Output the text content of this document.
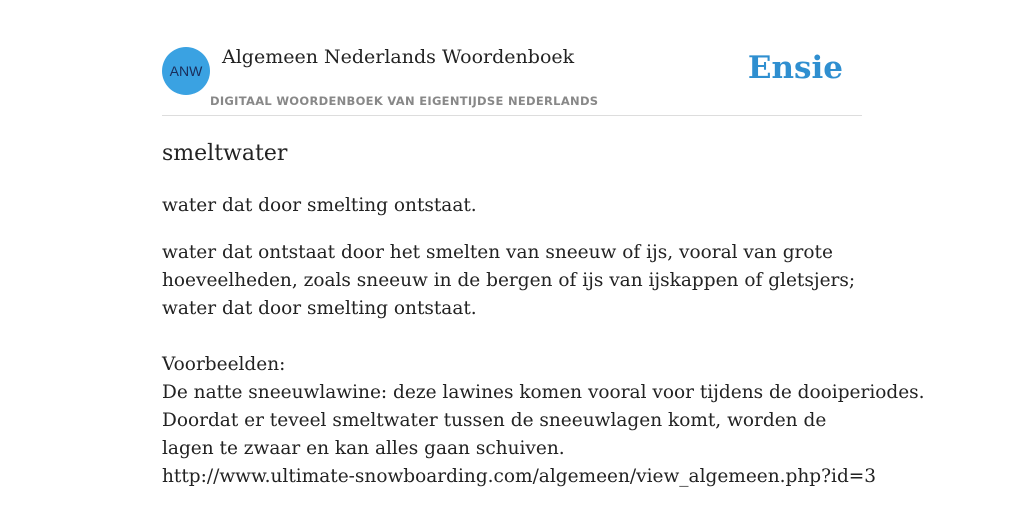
ANW
Algemeen Nederlands Woordenboek
DIGITAAL WOORDENBOEK VAN EIGENTIJDSE NEDERLANDS
Ensie
smeltwater
water dat door smelting ontstaat.

water dat ontstaat door het smelten van sneeuw of ijs, vooral van grote hoeveelheden, zoals sneeuw in de bergen of ijs van ijskappen of gletsjers; water dat door smelting ontstaat.

Voorbeelden:

De natte sneeuwlawine: deze lawines komen vooral voor tijdens de dooiperiodes.

Doordat er teveel smeltwater tussen de sneeuwlagen komt, worden de lagen te zwaar en kan alles gaan schuiven.

http://www.ultimate-snowboarding.com/algemeen/view_algemeen.php?id=3
